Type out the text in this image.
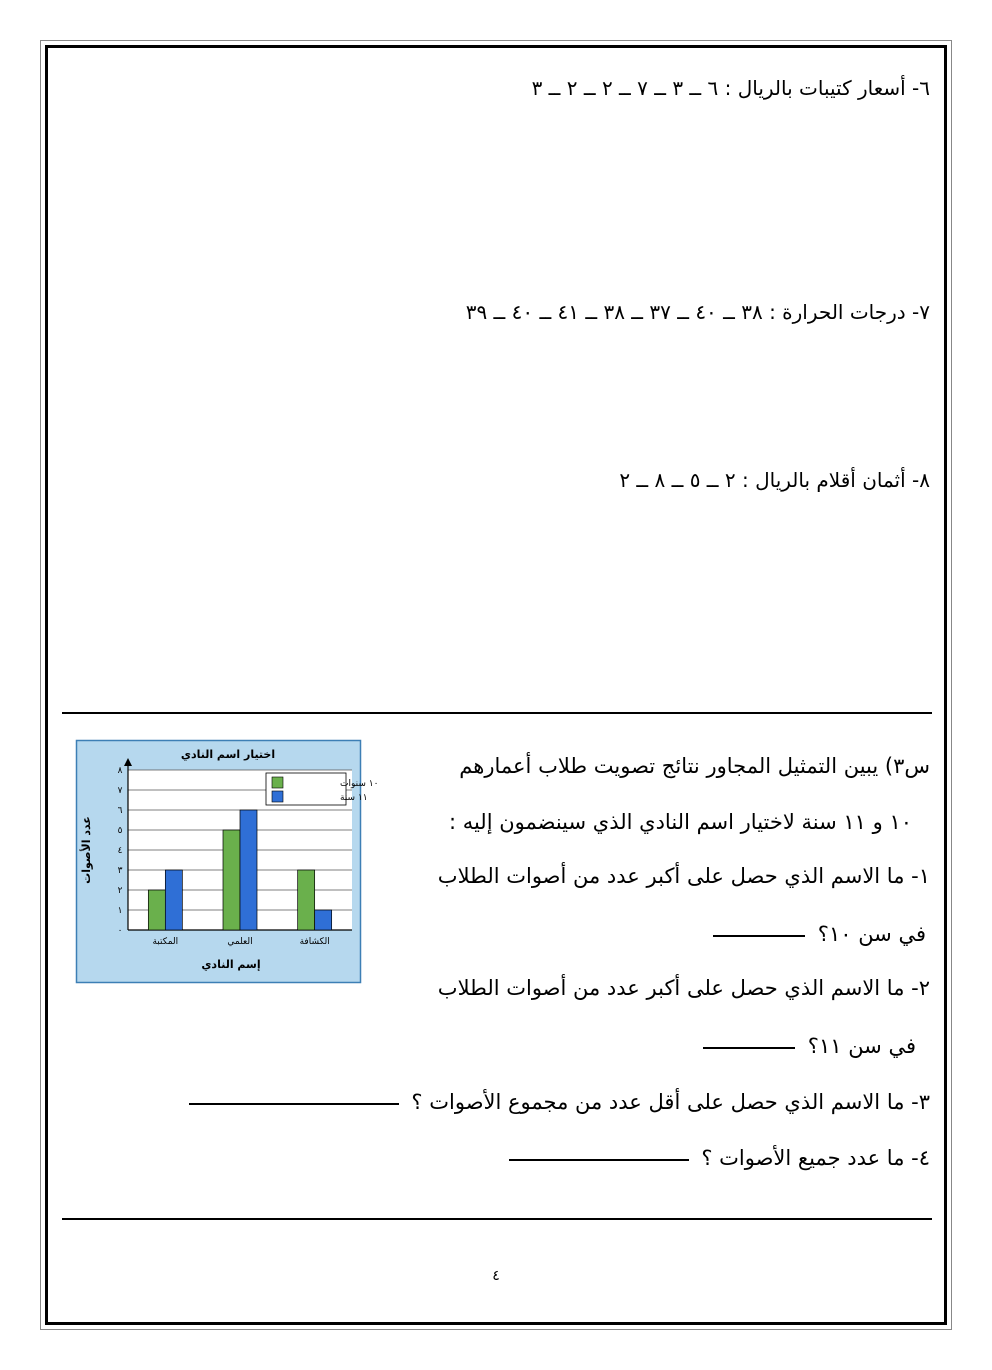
٦- أسعار كتيبات بالريال : ٦ ــ ٣ ــ ٧ ــ ٢ ــ ٢ ــ ٣
٧- درجات الحرارة : ٣٨ ــ ٤٠ ــ ٣٧ ــ ٣٨ ــ ٤١ ــ ٤٠ ــ ٣٩
٨- أثمان أقلام بالريال : ٢ ــ ٥ ــ ٨ ــ ٢
س٣) يبين التمثيل المجاور نتائج تصويت طلاب أعمارهم
١٠ و ١١ سنة لاختيار اسم النادي الذي سينضمون إليه :
١- ما الاسم الذي حصل على أكبر عدد من أصوات الطلاب
في سن ١٠؟
٢- ما الاسم الذي حصل على أكبر عدد من أصوات الطلاب
في سن ١١؟
٣- ما الاسم الذي حصل على أقل عدد من مجموع الأصوات ؟
٤- ما عدد جميع الأصوات ؟
٤
اختيار اسم النادي
إسم النادي
عدد الأصوات
٠
١
٢
٣
٤
٥
٦
٧
٨
المكتبة	العلمي	الكشافة
١٠ سنوات
١١ سنة
